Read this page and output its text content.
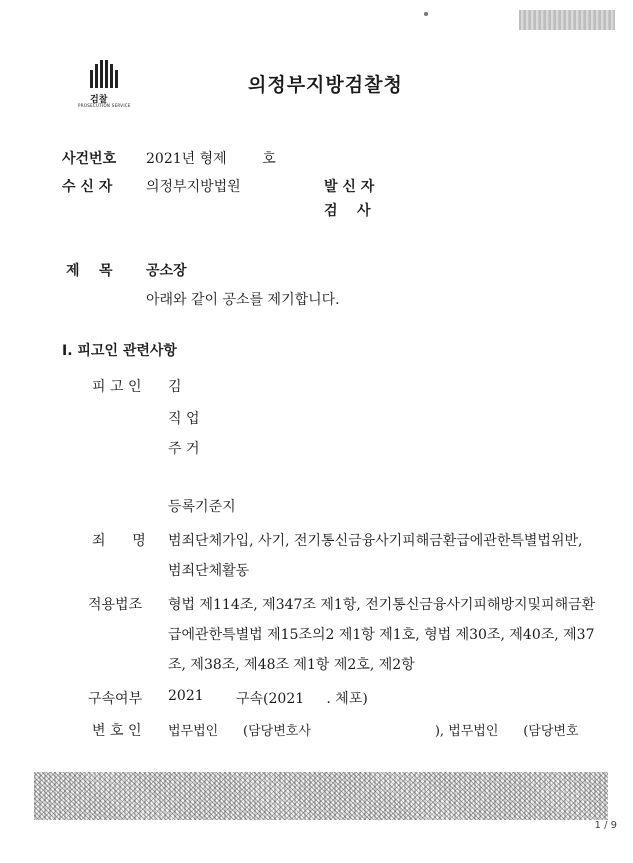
검찰
PROSECUTION SERVICE
의정부지방검찰청
사건번호 2021년 형제        호
수 신 자 의정부지방법원	발 신 자
검    사
제    목 공소장
아래와 같이 공소를 제기합니다.
I. 피고인 관련사항
피 고 인 김
직 업
주 거
등록기준지
죄      명 범죄단체가입, 사기, 전기통신금융사기피해금환급에관한특별법위반,
범죄단체활동
적용법조 형법 제114조, 제347조 제1항, 전기통신금융사기피해방지및피해금환
급에관한특별법 제15조의2 제1항 제1호, 형법 제30조, 제40조, 제37
조, 제38조, 제48조 제1항 제2호, 제2항
구속여부 2021 구속(2021     . 체포)
변 호 인 법무법인      (담당변호사                              ), 법무법인      (담당변호
1 / 9
